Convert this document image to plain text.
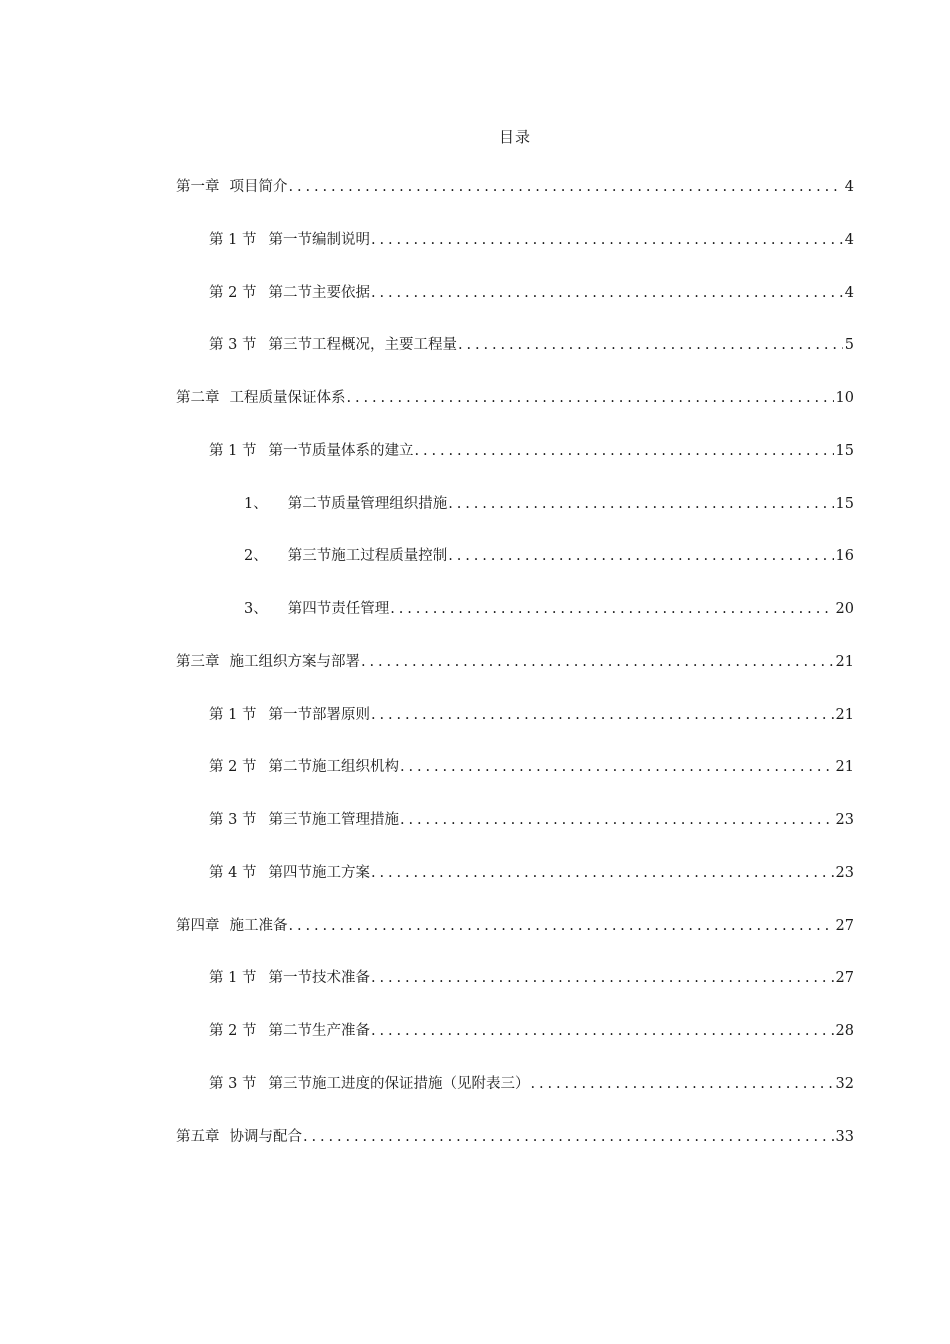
目录
第一章 项目简介 .....	4
第 1 节 第一节编制说明 .....	4
第 2 节 第二节主要依据 .....	4
第 3 节 第三节工程概况，主要工程量 .....	5
第二章 工程质量保证体系 .....	10
第 1 节 第一节质量体系的建立 .....	15
1、 第二节质量管理组织措施 .....	15
2、 第三节施工过程质量控制 .....	16
3、 第四节责任管理 .....	20
第三章 施工组织方案与部署 .....	21
第 1 节 第一节部署原则 .....	21
第 2 节 第二节施工组织机构 .....	21
第 3 节 第三节施工管理措施 .....	23
第 4 节 第四节施工方案 .....	23
第四章 施工准备 .....	27
第 1 节 第一节技术准备 .....	27
第 2 节 第二节生产准备 .....	28
第 3 节 第三节施工进度的保证措施（见附表三） .....	32
第五章 协调与配合 .....	33
